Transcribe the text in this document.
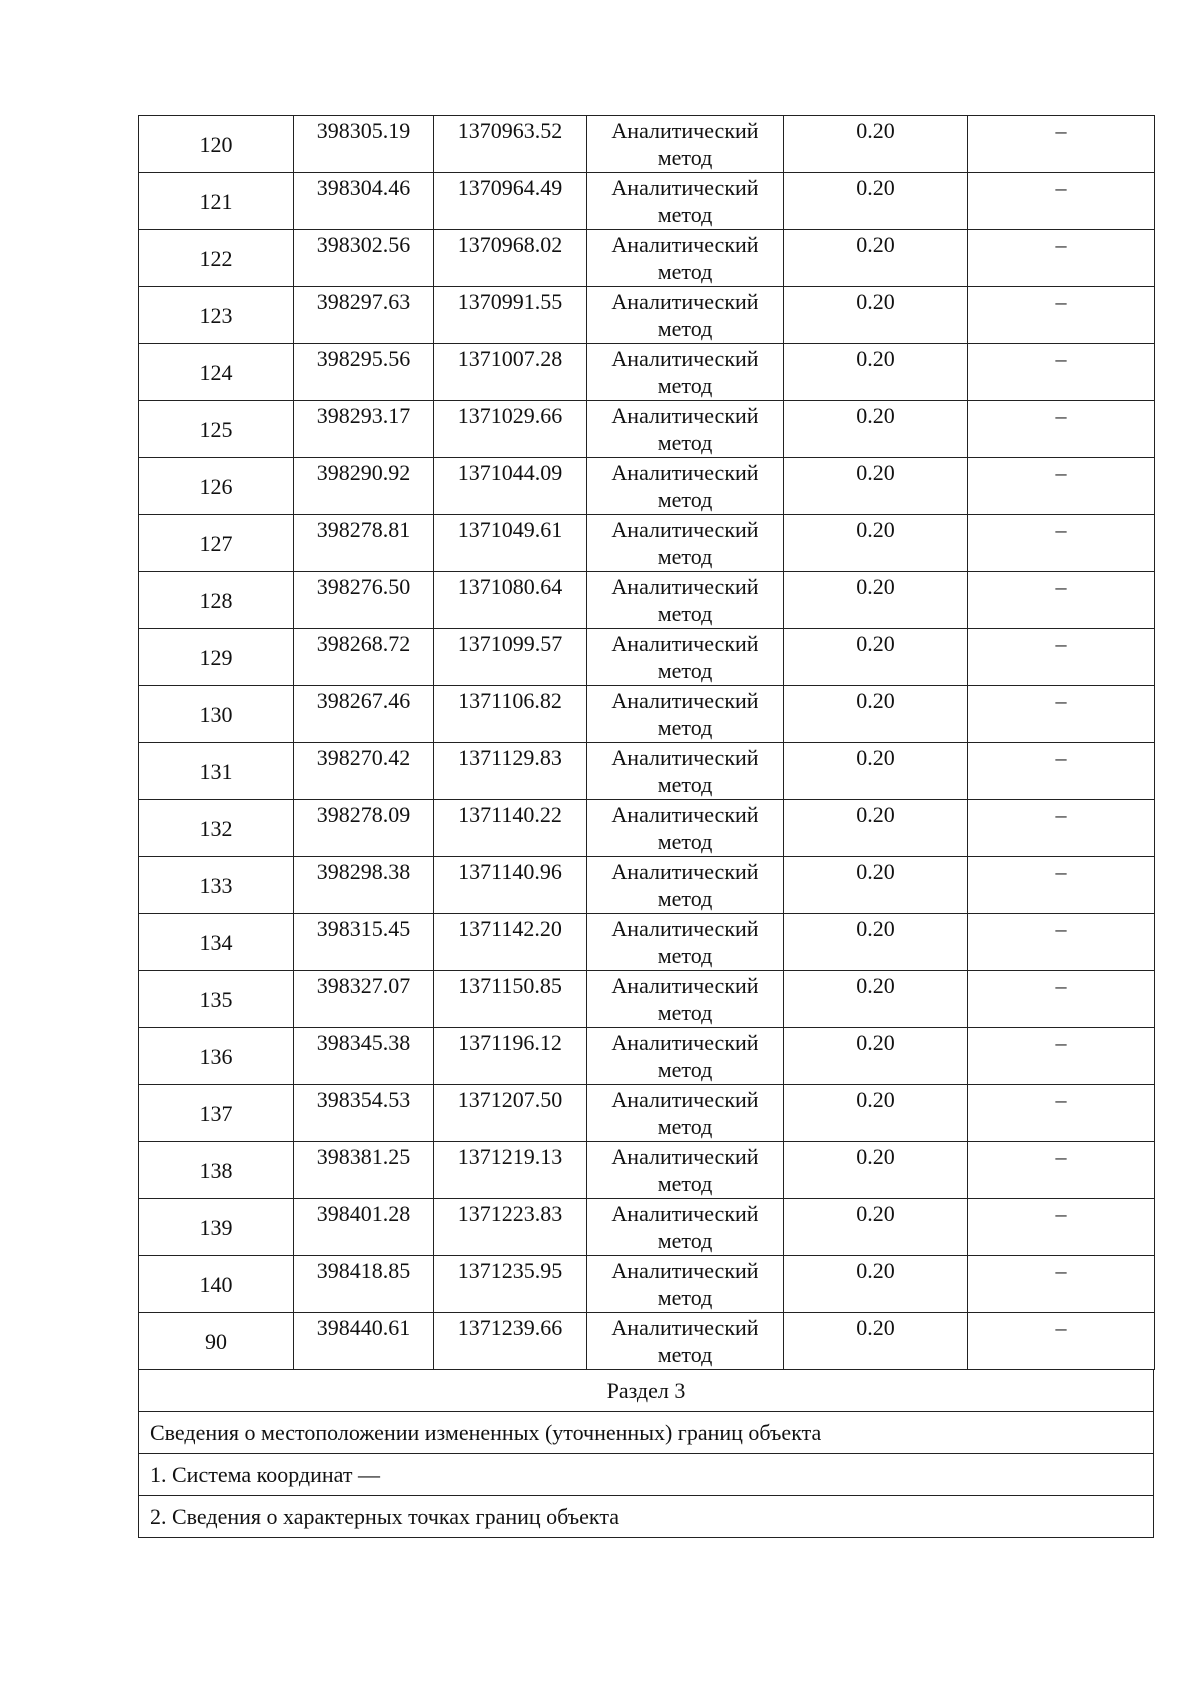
120	398305.19	1370963.52	Аналитический метод	0.20	–
121	398304.46	1370964.49	Аналитический метод	0.20	–
122	398302.56	1370968.02	Аналитический метод	0.20	–
123	398297.63	1370991.55	Аналитический метод	0.20	–
124	398295.56	1371007.28	Аналитический метод	0.20	–
125	398293.17	1371029.66	Аналитический метод	0.20	–
126	398290.92	1371044.09	Аналитический метод	0.20	–
127	398278.81	1371049.61	Аналитический метод	0.20	–
128	398276.50	1371080.64	Аналитический метод	0.20	–
129	398268.72	1371099.57	Аналитический метод	0.20	–
130	398267.46	1371106.82	Аналитический метод	0.20	–
131	398270.42	1371129.83	Аналитический метод	0.20	–
132	398278.09	1371140.22	Аналитический метод	0.20	–
133	398298.38	1371140.96	Аналитический метод	0.20	–
134	398315.45	1371142.20	Аналитический метод	0.20	–
135	398327.07	1371150.85	Аналитический метод	0.20	–
136	398345.38	1371196.12	Аналитический метод	0.20	–
137	398354.53	1371207.50	Аналитический метод	0.20	–
138	398381.25	1371219.13	Аналитический метод	0.20	–
139	398401.28	1371223.83	Аналитический метод	0.20	–
140	398418.85	1371235.95	Аналитический метод	0.20	–
90	398440.61	1371239.66	Аналитический метод	0.20	–
Раздел 3
Сведения о местоположении измененных (уточненных) границ объекта
1. Система координат —
2. Сведения о характерных точках границ объекта
